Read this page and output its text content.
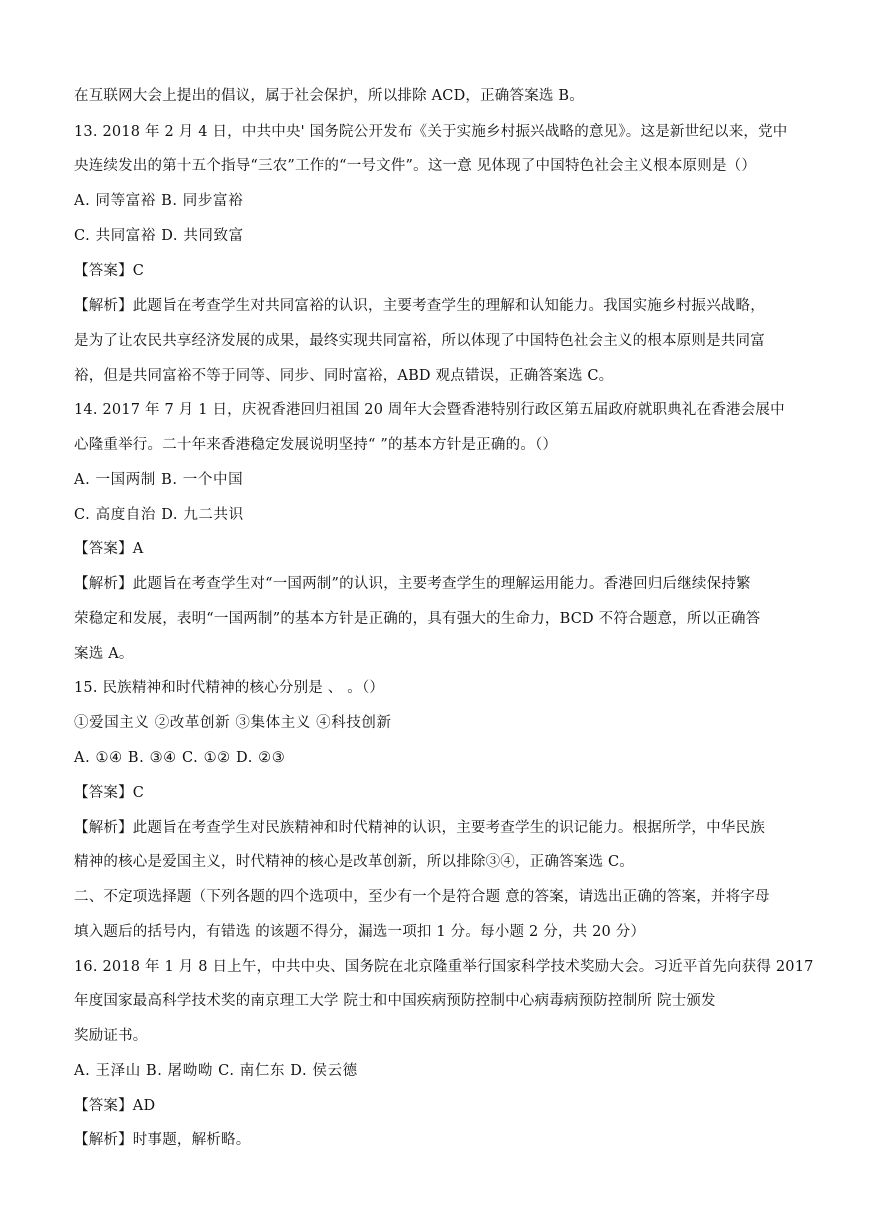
在互联网大会上提出的倡议，属于社会保护，所以排除 ACD，正确答案选 B。
13. 2018 年 2 月 4 日，中共中央' 国务院公开发布《关于实施乡村振兴战略的意见》。这是新世纪以来，党中
央连续发出的第十五个指导“三农”工作的“一号文件”。这一意 见体现了中国特色社会主义根本原则是（）
A. 同等富裕 B. 同步富裕
C. 共同富裕 D. 共同致富
【答案】C
【解析】此题旨在考查学生对共同富裕的认识，主要考查学生的理解和认知能力。我国实施乡村振兴战略，
是为了让农民共享经济发展的成果，最终实现共同富裕，所以体现了中国特色社会主义的根本原则是共同富
裕，但是共同富裕不等于同等、同步、同时富裕，ABD 观点错误，正确答案选 C。
14. 2017 年 7 月 1 日，庆祝香港回归祖国 20 周年大会暨香港特别行政区第五届政府就职典礼在香港会展中
心隆重举行。二十年来香港稳定发展说明坚持“ ”的基本方针是正确的。（）
A. 一国两制 B. 一个中国
C. 高度自治 D. 九二共识
【答案】A
【解析】此题旨在考查学生对“一国两制”的认识，主要考查学生的理解运用能力。香港回归后继续保持繁
荣稳定和发展，表明“一国两制”的基本方针是正确的，具有强大的生命力，BCD 不符合题意，所以正确答
案选 A。
15. 民族精神和时代精神的核心分别是 、 。（）
①爱国主义 ②改革创新 ③集体主义 ④科技创新
A. ①④ B. ③④ C. ①② D. ②③
【答案】C
【解析】此题旨在考查学生对民族精神和时代精神的认识，主要考查学生的识记能力。根据所学，中华民族
精神的核心是爱国主义，时代精神的核心是改革创新，所以排除③④，正确答案选 C。
二、不定项选择题（下列各题的四个选项中，至少有一个是符合题 意的答案，请选出正确的答案，并将字母
填入题后的括号内，有错选 的该题不得分，漏选一项扣 1 分。每小题 2 分，共 20 分）
16. 2018 年 1 月 8 日上午，中共中央、国务院在北京隆重举行国家科学技术奖励大会。习近平首先向获得 2017
年度国家最高科学技术奖的南京理工大学 院士和中国疾病预防控制中心病毒病预防控制所 院士颁发
奖励证书。
A. 王泽山 B. 屠呦呦 C. 南仁东 D. 侯云德
【答案】AD
【解析】时事题，解析略。
